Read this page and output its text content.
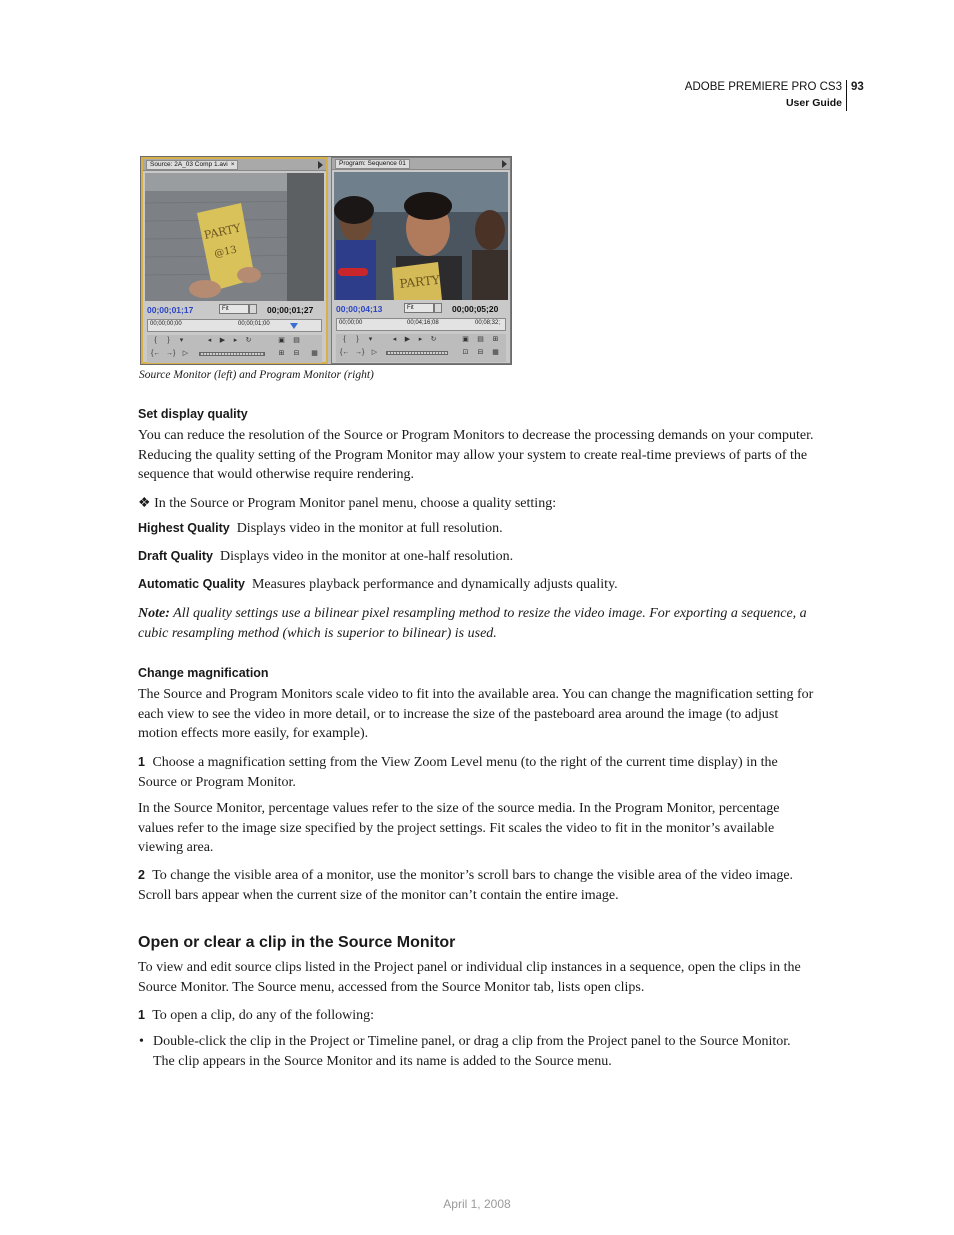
ADOBE PREMIERE PRO CS3
User Guide
93
Source: 2A_03 Comp 1.avi ×
PARTY
@13
00;00;01;17	Fit	00;00;01;27
00;00;00;00	00;00;01;00
{	}	▾	◂	▶	▸	↻	▣ ▤
{← →} ▷	⊞ ⊟ ▦
Program: Sequence 01
PARTY
00;00;04;13	Fit	00;00;05;20
00;00;00	00;04;16;08	00;08;32;
{	}	▾	◂	▶	▸	↻	▣ ▤ ⊞
{← →} ▷	⊡ ⊟ ▦
Source Monitor (left) and Program Monitor (right)
Set display quality
You can reduce the resolution of the Source or Program Monitors to decrease the processing demands on your computer. Reducing the quality setting of the Program Monitor may allow your system to create real-time previews of parts of the sequence that would otherwise require rendering.
❖ In the Source or Program Monitor panel menu, choose a quality setting:
Highest Quality Displays video in the monitor at full resolution.
Draft Quality Displays video in the monitor at one-half resolution.
Automatic Quality Measures playback performance and dynamically adjusts quality.
Note: All quality settings use a bilinear pixel resampling method to resize the video image. For exporting a sequence, a cubic resampling method (which is superior to bilinear) is used.
Change magnification
The Source and Program Monitors scale video to fit into the available area. You can change the magnification setting for each view to see the video in more detail, or to increase the size of the pasteboard area around the image (to adjust motion effects more easily, for example).
1 Choose a magnification setting from the View Zoom Level menu (to the right of the current time display) in the Source or Program Monitor.
In the Source Monitor, percentage values refer to the size of the source media. In the Program Monitor, percentage values refer to the image size specified by the project settings. Fit scales the video to fit in the monitor’s available viewing area.
2 To change the visible area of a monitor, use the monitor’s scroll bars to change the visible area of the video image. Scroll bars appear when the current size of the monitor can’t contain the entire image.
Open or clear a clip in the Source Monitor
To view and edit source clips listed in the Project panel or individual clip instances in a sequence, open the clips in the Source Monitor. The Source menu, accessed from the Source Monitor tab, lists open clips.
1 To open a clip, do any of the following:
• Double-click the clip in the Project or Timeline panel, or drag a clip from the Project panel to the Source Monitor. The clip appears in the Source Monitor and its name is added to the Source menu.
April 1, 2008
